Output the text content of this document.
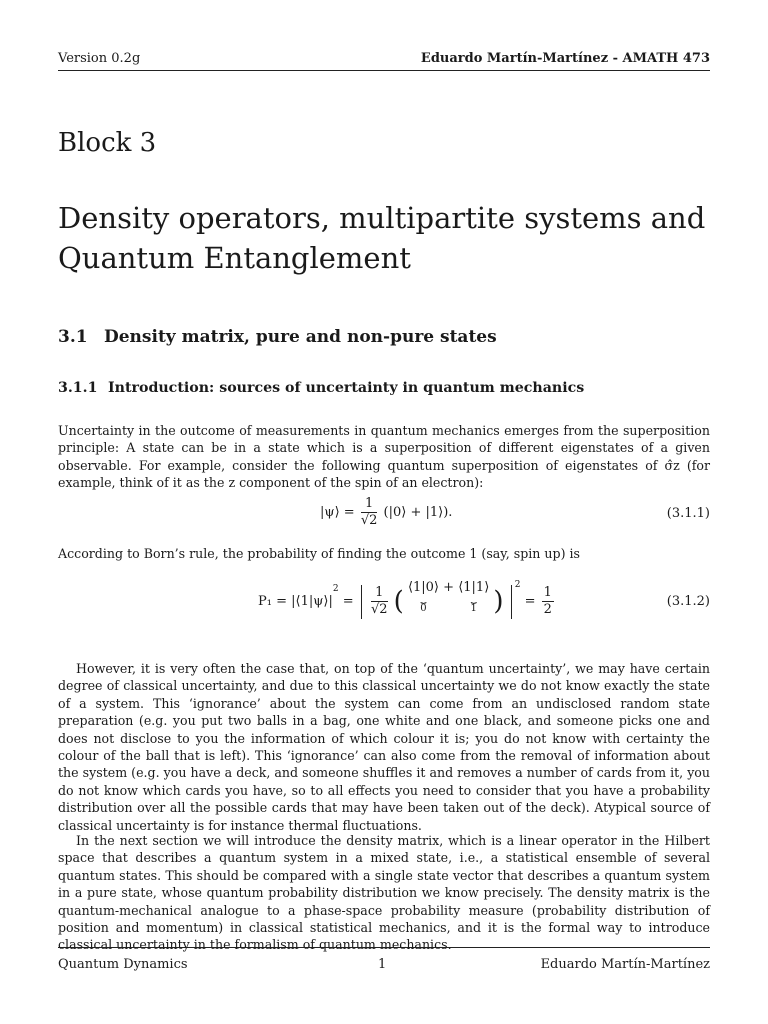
Version 0.2g	Eduardo Martín-Martínez - AMATH 473
Block 3
Density operators, multipartite systems and Quantum Entanglement
3.1 Density matrix, pure and non-pure states
3.1.1 Introduction: sources of uncertainty in quantum mechanics

Uncertainty in the outcome of measurements in quantum mechanics emerges from the superposition principle: A state can be in a state which is a superposition of different eigenstates of a given observable. For example, consider the following quantum superposition of eigenstates of σ̂z (for example, think of it as the z component of the spin of an electron):

|ψ⟩ = $\frac{1}{√2}$ (|0⟩ + |1⟩).	(3.1.1)

According to Born’s rule, the probability of finding the outcome 1 (say, spin up) is

$P_1 = |⟨1|\psi⟩|^2 = \frac{1}{√2}$ ( ⟨1|0⟩
⏟
0
+ ⟨1|1⟩
⏟
1 ) $^2 = \frac{1}{2}$	(3.1.2)

However, it is very often the case that, on top of the ‘quantum uncertainty’, we may have certain degree of classical uncertainty, and due to this classical uncertainty we do not know exactly the state of a system. This ‘ignorance’ about the system can come from an undisclosed random state preparation (e.g. you put two balls in a bag, one white and one black, and someone picks one and does not disclose to you the information of which colour it is; you do not know with certainty the colour of the ball that is left). This ‘ignorance’ can also come from the removal of information about the system (e.g. you have a deck, and someone shuffles it and removes a number of cards from it, you do not know which cards you have, so to all effects you need to consider that you have a probability distribution over all the possible cards that may have been taken out of the deck). Atypical source of classical uncertainty is for instance thermal fluctuations.

In the next section we will introduce the density matrix, which is a linear operator in the Hilbert space that describes a quantum system in a mixed state, i.e., a statistical ensemble of several quantum states. This should be compared with a single state vector that describes a quantum system in a pure state, whose quantum probability distribution we know precisely. The density matrix is the quantum-mechanical analogue to a phase-space probability measure (probability distribution of position and momentum) in classical statistical mechanics, and it is the formal way to introduce classical uncertainty in the formalism of quantum mechanics.

Quantum Dynamics	1	Eduardo Martín-Martínez
